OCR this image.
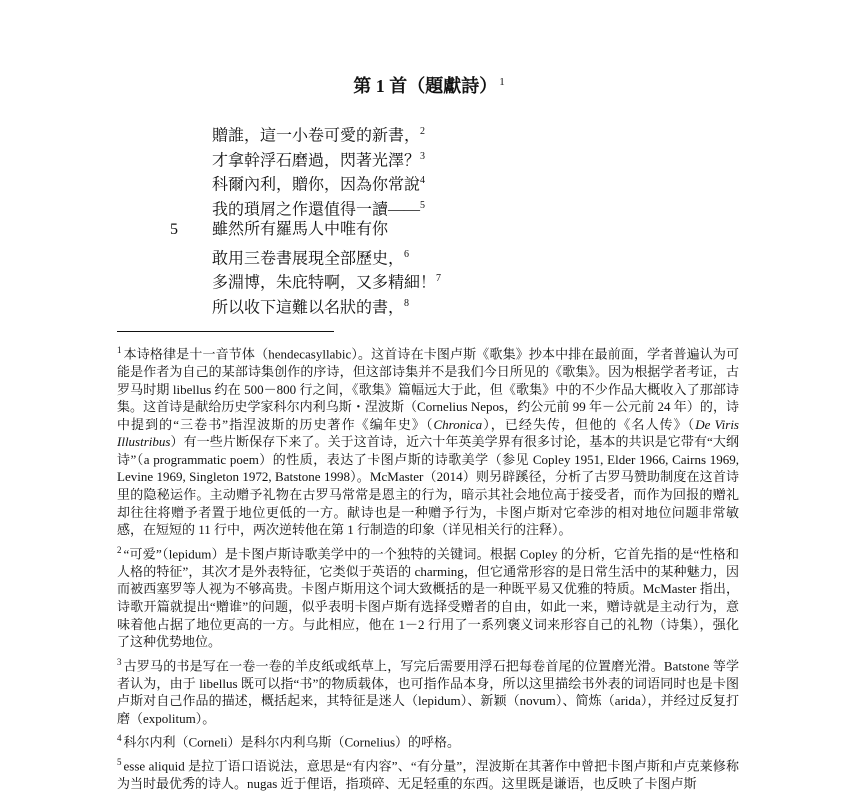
第 1 首（題獻詩） $^1$
贈誰，這一小卷可愛的新書，$^2$
才拿幹浮石磨過，閃著光澤？$^3$
科爾內利，贈你，因為你常說$^4$
我的瑣屑之作還值得一讀——$^5$
5 雖然所有羅馬人中唯有你
敢用三卷書展現全部歷史，$^6$
多淵博，朱庇特啊，又多精細！$^7$
所以收下這難以名狀的書，$^8$

$^1$ 本诗格律是十一音节体（hendecasyllabic）。这首诗在卡图卢斯《歌集》抄本中排在最前面，学者普遍认为可能是作者为自己的某部诗集创作的序诗，但这部诗集并不是我们今日所见的《歌集》。因为根据学者考证，古罗马时期 libellus 约在 500－800 行之间，《歌集》篇幅远大于此，但《歌集》中的不少作品大概收入了那部诗集。这首诗是献给历史学家科尔内利乌斯・涅波斯（Cornelius Nepos，约公元前 99 年－公元前 24 年）的，诗中提到的“三卷书”指涅波斯的历史著作《编年史》（Chronica），已经失传，但他的《名人传》（De Viris Illustribus）有一些片断保存下来了。关于这首诗，近六十年英美学界有很多讨论，基本的共识是它带有“大纲诗”（a programmatic poem）的性质，表达了卡图卢斯的诗歌美学（参见 Copley 1951, Elder 1966, Cairns 1969, Levine 1969, Singleton 1972, Batstone 1998）。McMaster（2014）则另辟蹊径，分析了古罗马赞助制度在这首诗里的隐秘运作。主动赠予礼物在古罗马常常是恩主的行为，暗示其社会地位高于接受者，而作为回报的赠礼却往往将赠予者置于地位更低的一方。献诗也是一种赠予行为，卡图卢斯对它牵涉的相对地位问题非常敏感，在短短的 11 行中，两次逆转他在第 1 行制造的印象（详见相关行的注释）。

$^2$ “可爱”（lepidum）是卡图卢斯诗歌美学中的一个独特的关键词。根据 Copley 的分析，它首先指的是“性格和人格的特征”，其次才是外表特征，它类似于英语的 charming，但它通常形容的是日常生活中的某种魅力，因而被西塞罗等人视为不够高贵。卡图卢斯用这个词大致概括的是一种既平易又优雅的特质。McMaster 指出，诗歌开篇就提出“赠谁”的问题，似乎表明卡图卢斯有选择受赠者的自由，如此一来，赠诗就是主动行为，意味着他占据了地位更高的一方。与此相应，他在 1－2 行用了一系列褒义词来形容自己的礼物（诗集），强化了这种优势地位。

$^3$ 古罗马的书是写在一卷一卷的羊皮纸或纸草上，写完后需要用浮石把每卷首尾的位置磨光滑。Batstone 等学者认为，由于 libellus 既可以指“书”的物质载体，也可指作品本身，所以这里描绘书外表的词语同时也是卡图卢斯对自己作品的描述，概括起来，其特征是迷人（lepidum）、新颖（novum）、简炼（arida），并经过反复打磨（expolitum）。

$^4$ 科尔内利（Corneli）是科尔内利乌斯（Cornelius）的呼格。

$^5$ esse aliquid 是拉丁语口语说法，意思是“有内容”、“有分量”，涅波斯在其著作中曾把卡图卢斯和卢克莱修称为当时最优秀的诗人。nugas 近于俚语，指琐碎、无足轻重的东西。这里既是谦语，也反映了卡图卢斯
